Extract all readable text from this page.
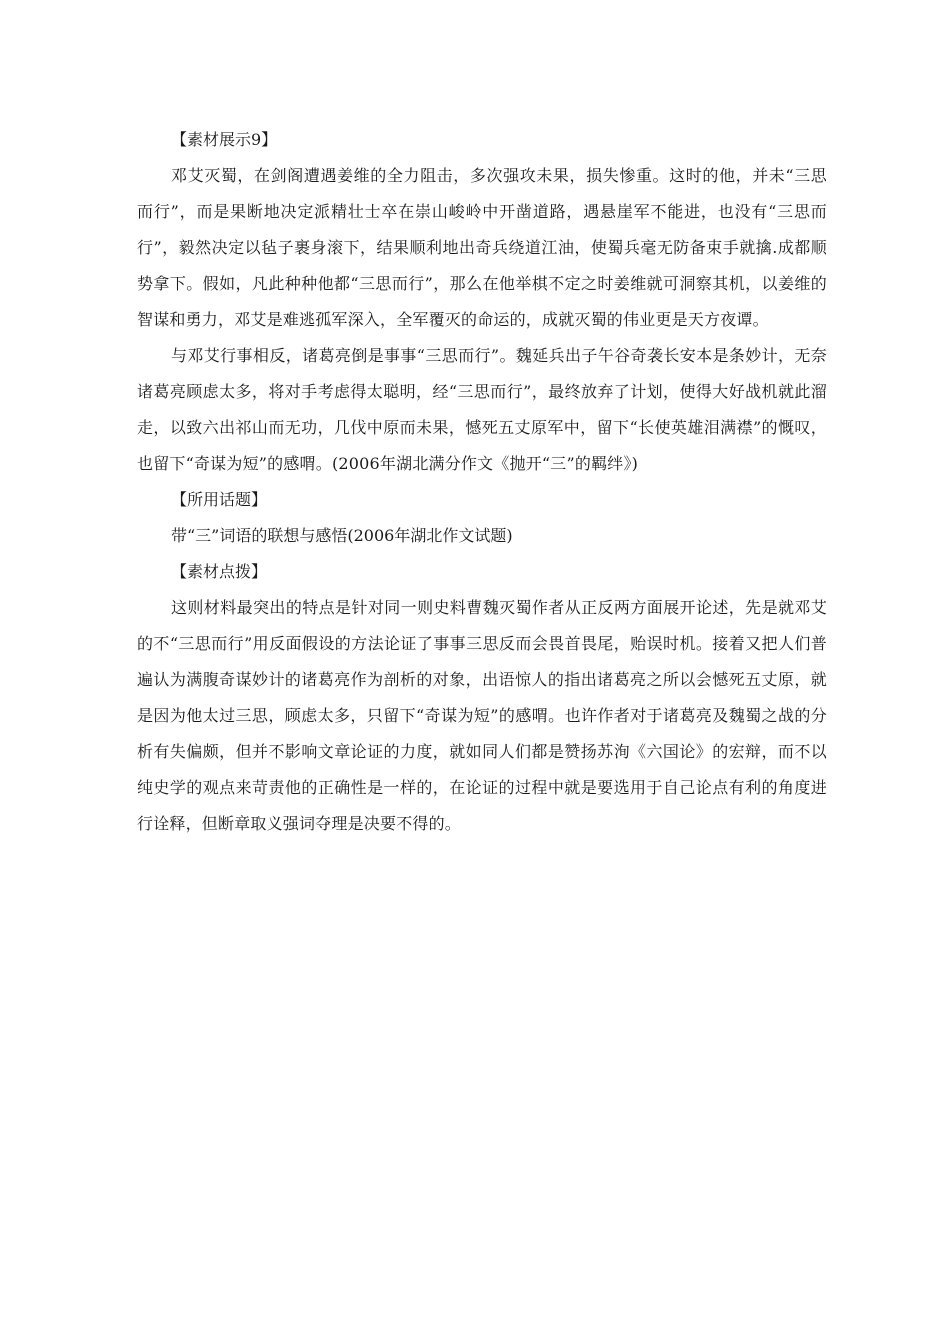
【素材展示9】

邓艾灭蜀，在剑阁遭遇姜维的全力阻击，多次强攻未果，损失惨重。这时的他，并未“三思而行”，而是果断地决定派精壮士卒在崇山峻岭中开凿道路，遇悬崖军不能进，也没有“三思而行”，毅然决定以毡子裹身滚下，结果顺利地出奇兵绕道江油，使蜀兵毫无防备束手就擒.成都顺势拿下。假如，凡此种种他都“三思而行”，那么在他举棋不定之时姜维就可洞察其机，以姜维的智谋和勇力，邓艾是难逃孤军深入，全军覆灭的命运的，成就灭蜀的伟业更是天方夜谭。

与邓艾行事相反，诸葛亮倒是事事“三思而行”。魏延兵出子午谷奇袭长安本是条妙计，无奈诸葛亮顾虑太多，将对手考虑得太聪明，经“三思而行”，最终放弃了计划，使得大好战机就此溜走，以致六出祁山而无功，几伐中原而未果，憾死五丈原军中，留下“长使英雄泪满襟”的慨叹，也留下“奇谋为短”的感喟。(2006年湖北满分作文《抛开“三”的羁绊》)

【所用话题】

带“三”词语的联想与感悟(2006年湖北作文试题)

【素材点拨】

这则材料最突出的特点是针对同一则史料曹魏灭蜀作者从正反两方面展开论述，先是就邓艾的不“三思而行”用反面假设的方法论证了事事三思反而会畏首畏尾，贻误时机。接着又把人们普遍认为满腹奇谋妙计的诸葛亮作为剖析的对象，出语惊人的指出诸葛亮之所以会憾死五丈原，就是因为他太过三思，顾虑太多，只留下“奇谋为短”的感喟。也许作者对于诸葛亮及魏蜀之战的分析有失偏颇，但并不影响文章论证的力度，就如同人们都是赞扬苏洵《六国论》的宏辩，而不以纯史学的观点来苛责他的正确性是一样的，在论证的过程中就是要选用于自己论点有利的角度进行诠释，但断章取义强词夺理是决要不得的。
